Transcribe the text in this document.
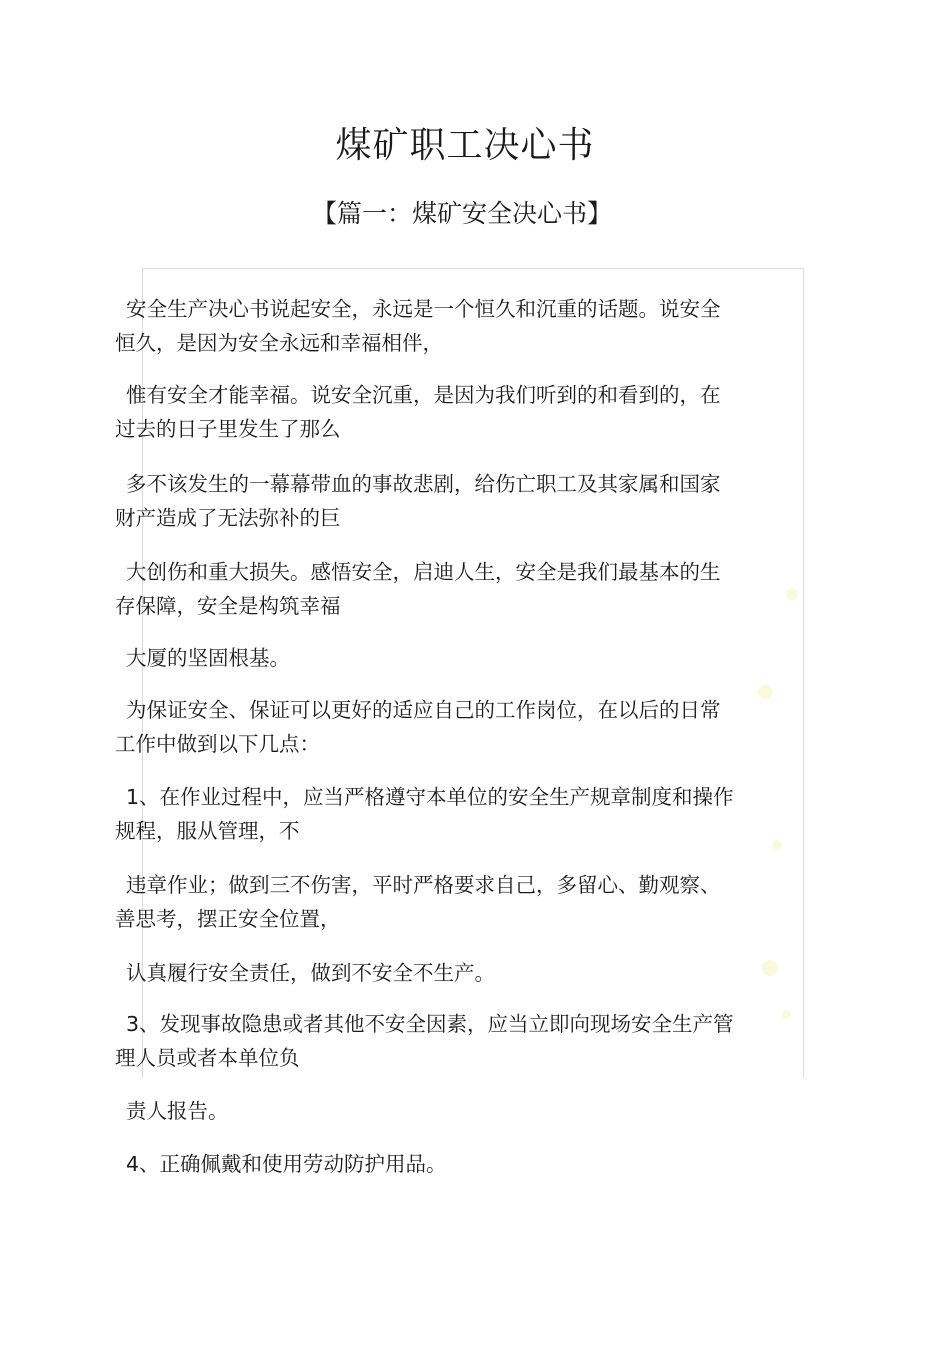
煤矿职工决心书
【篇一：煤矿安全决心书】

安全生产决心书说起安全，永远是一个恒久和沉重的话题。说安全
恒久，是因为安全永远和幸福相伴，

惟有安全才能幸福。说安全沉重，是因为我们听到的和看到的，在
过去的日子里发生了那么

多不该发生的一幕幕带血的事故悲剧，给伤亡职工及其家属和国家
财产造成了无法弥补的巨

大创伤和重大损失。感悟安全，启迪人生，安全是我们最基本的生
存保障，安全是构筑幸福

大厦的坚固根基。

为保证安全、保证可以更好的适应自己的工作岗位，在以后的日常
工作中做到以下几点：

1、在作业过程中，应当严格遵守本单位的安全生产规章制度和操作
规程，服从管理，不

违章作业；做到三不伤害，平时严格要求自己，多留心、勤观察、
善思考，摆正安全位置，

认真履行安全责任，做到不安全不生产。

3、发现事故隐患或者其他不安全因素，应当立即向现场安全生产管
理人员或者本单位负

责人报告。

4、正确佩戴和使用劳动防护用品。
